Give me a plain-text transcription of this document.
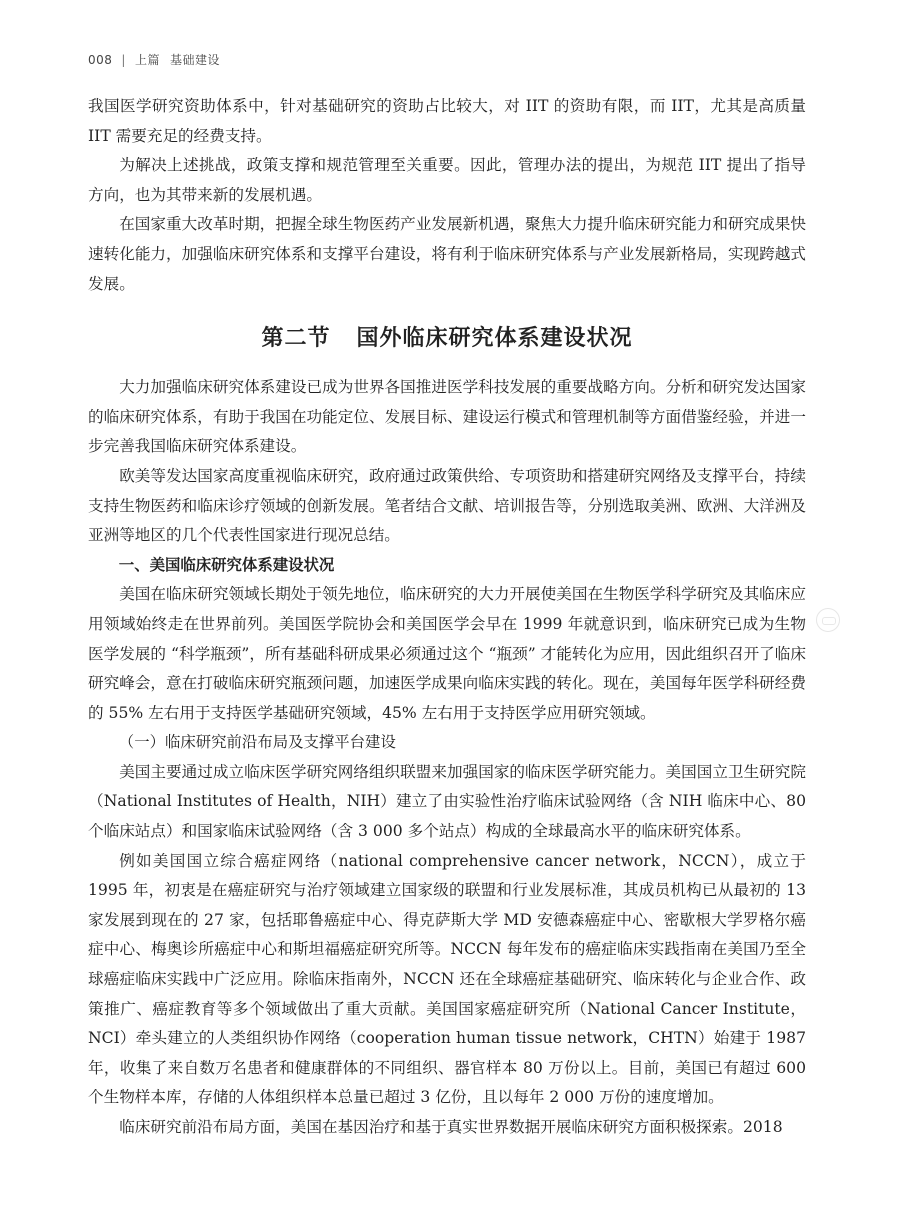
008 | 上篇 基础建设

我国医学研究资助体系中，针对基础研究的资助占比较大，对 IIT 的资助有限，而 IIT，尤其是高质量 IIT 需要充足的经费支持。

为解决上述挑战，政策支撑和规范管理至关重要。因此，管理办法的提出，为规范 IIT 提出了指导方向，也为其带来新的发展机遇。

在国家重大改革时期，把握全球生物医药产业发展新机遇，聚焦大力提升临床研究能力和研究成果快速转化能力，加强临床研究体系和支撑平台建设，将有利于临床研究体系与产业发展新格局，实现跨越式发展。

第二节 国外临床研究体系建设状况

大力加强临床研究体系建设已成为世界各国推进医学科技发展的重要战略方向。分析和研究发达国家的临床研究体系，有助于我国在功能定位、发展目标、建设运行模式和管理机制等方面借鉴经验，并进一步完善我国临床研究体系建设。

欧美等发达国家高度重视临床研究，政府通过政策供给、专项资助和搭建研究网络及支撑平台，持续支持生物医药和临床诊疗领域的创新发展。笔者结合文献、培训报告等，分别选取美洲、欧洲、大洋洲及亚洲等地区的几个代表性国家进行现况总结。

一、美国临床研究体系建设状况

美国在临床研究领域长期处于领先地位，临床研究的大力开展使美国在生物医学科学研究及其临床应用领域始终走在世界前列。美国医学院协会和美国医学会早在 1999 年就意识到，临床研究已成为生物医学发展的 “科学瓶颈”，所有基础科研成果必须通过这个 “瓶颈” 才能转化为应用，因此组织召开了临床研究峰会，意在打破临床研究瓶颈问题，加速医学成果向临床实践的转化。现在，美国每年医学科研经费的 55% 左右用于支持医学基础研究领域，45% 左右用于支持医学应用研究领域。

（一）临床研究前沿布局及支撑平台建设

美国主要通过成立临床医学研究网络组织联盟来加强国家的临床医学研究能力。美国国立卫生研究院（National Institutes of Health，NIH）建立了由实验性治疗临床试验网络（含 NIH 临床中心、80 个临床站点）和国家临床试验网络（含 3 000 多个站点）构成的全球最高水平的临床研究体系。

例如美国国立综合癌症网络（national comprehensive cancer network，NCCN），成立于 1995 年，初衷是在癌症研究与治疗领域建立国家级的联盟和行业发展标准，其成员机构已从最初的 13 家发展到现在的 27 家，包括耶鲁癌症中心、得克萨斯大学 MD 安德森癌症中心、密歇根大学罗格尔癌症中心、梅奥诊所癌症中心和斯坦福癌症研究所等。NCCN 每年发布的癌症临床实践指南在美国乃至全球癌症临床实践中广泛应用。除临床指南外，NCCN 还在全球癌症基础研究、临床转化与企业合作、政策推广、癌症教育等多个领域做出了重大贡献。美国国家癌症研究所（National Cancer Institute，NCI）牵头建立的人类组织协作网络（cooperation human tissue network，CHTN）始建于 1987 年，收集了来自数万名患者和健康群体的不同组织、器官样本 80 万份以上。目前，美国已有超过 600 个生物样本库，存储的人体组织样本总量已超过 3 亿份，且以每年 2 000 万份的速度增加。

临床研究前沿布局方面，美国在基因治疗和基于真实世界数据开展临床研究方面积极探索。2018
